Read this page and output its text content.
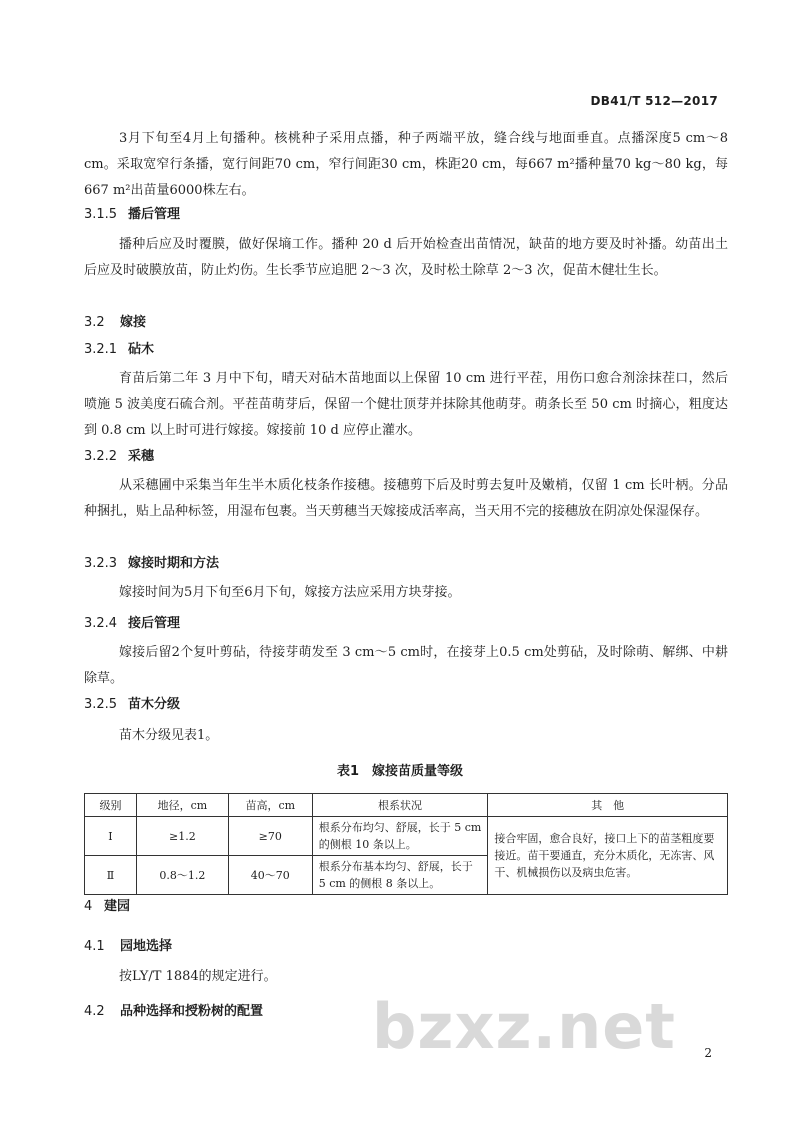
DB41/T 512—2017

3月下旬至4月上旬播种。核桃种子采用点播，种子两端平放，缝合线与地面垂直。点播深度5 cm～8 cm。采取宽窄行条播，宽行间距70 cm，窄行间距30 cm，株距20 cm，每667 m²播种量70 kg～80 kg，每667 m²出苗量6000株左右。

3.1.5 播后管理

播种后应及时覆膜，做好保墒工作。播种 20 d 后开始检查出苗情况，缺苗的地方要及时补播。幼苗出土后应及时破膜放苗，防止灼伤。生长季节应追肥 2～3 次，及时松土除草 2～3 次，促苗木健壮生长。

3.2 嫁接
3.2.1 砧木

育苗后第二年 3 月中下旬，晴天对砧木苗地面以上保留 10 cm 进行平茬，用伤口愈合剂涂抹茬口，然后喷施 5 波美度石硫合剂。平茬苗萌芽后，保留一个健壮顶芽并抹除其他萌芽。萌条长至 50 cm 时摘心，粗度达到 0.8 cm 以上时可进行嫁接。嫁接前 10 d 应停止灌水。

3.2.2 采穗

从采穗圃中采集当年生半木质化枝条作接穗。接穗剪下后及时剪去复叶及嫩梢，仅留 1 cm 长叶柄。分品种捆扎，贴上品种标签，用湿布包裹。当天剪穗当天嫁接成活率高，当天用不完的接穗放在阴凉处保湿保存。

3.2.3 嫁接时期和方法

嫁接时间为5月下旬至6月下旬，嫁接方法应采用方块芽接。

3.2.4 接后管理

嫁接后留2个复叶剪砧，待接芽萌发至 3 cm～5 cm时，在接芽上0.5 cm处剪砧，及时除萌、解绑、中耕除草。

3.2.5 苗木分级

苗木分级见表1。

表1　嫁接苗质量等级
级别	地径，cm	苗高，cm	根系状况	其　他
Ⅰ	≥1.2	≥70	根系分布均匀、舒展，长于 5 cm 的侧根 10 条以上。	接合牢固，愈合良好，接口上下的苗茎粗度要接近。苗干要通直，充分木质化，无冻害、风干、机械损伤以及病虫危害。
Ⅱ	0.8～1.2	40～70	根系分布基本均匀、舒展，长于 5 cm 的侧根 8 条以上。	
4 建园
4.1 园地选择

按LY/T 1884的规定进行。

4.2 品种选择和授粉树的配置 bzxz.net 2
